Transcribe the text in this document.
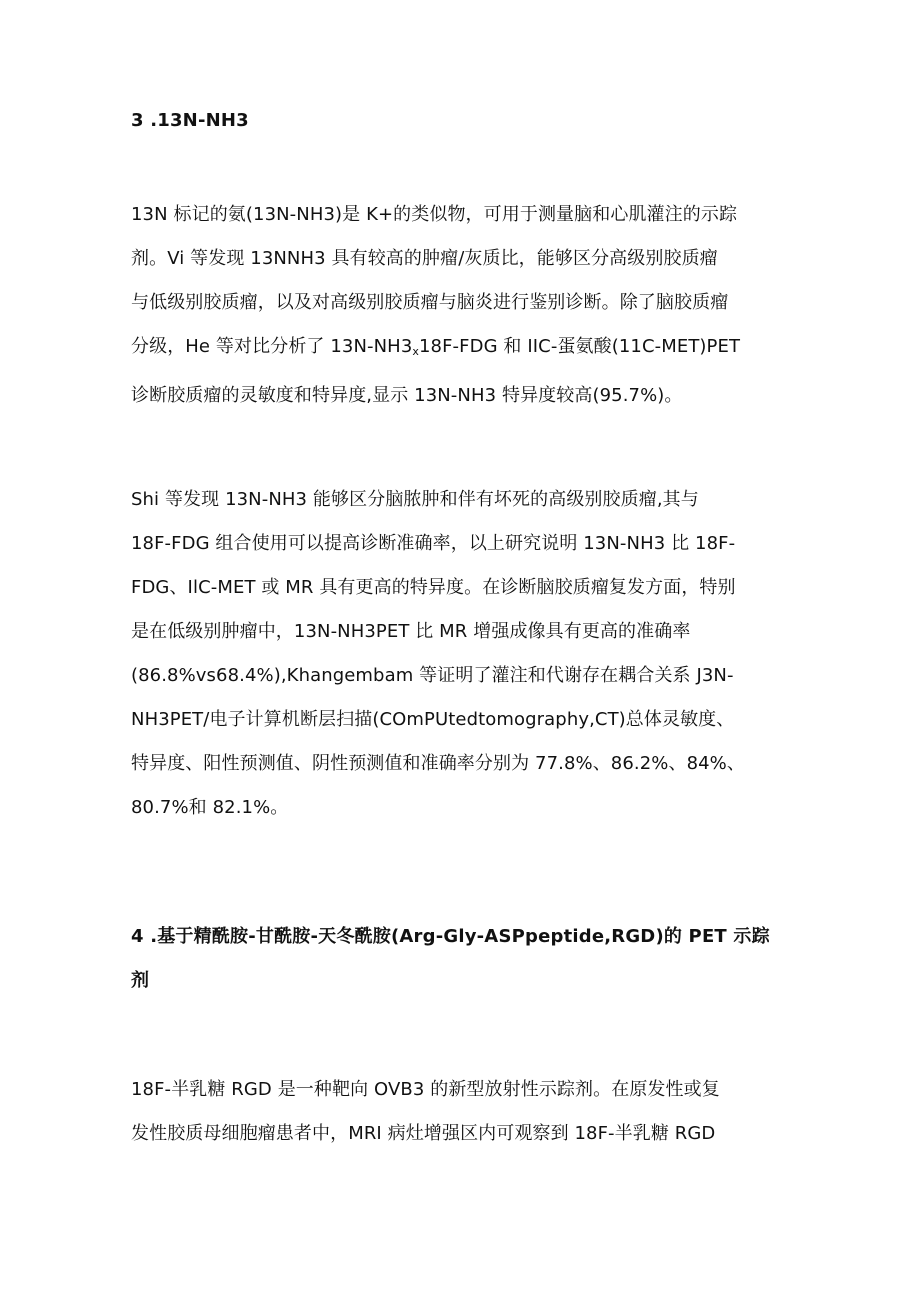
3 .13N-NH3

13N 标记的氨(13N-NH3)是 K+的类似物，可用于测量脑和心肌灌注的示踪
剂。Vi 等发现 13NNH3 具有较高的肿瘤/灰质比，能够区分高级别胶质瘤
与低级别胶质瘤，以及对高级别胶质瘤与脑炎进行鉴别诊断。除了脑胶质瘤
分级，He 等对比分析了 $13N-NH3_x18F$-FDG 和 IIC-蛋氨酸(11C-MET)PET
诊断胶质瘤的灵敏度和特异度,显示 13N-NH3 特异度较高(95.7%)。

Shi 等发现 13N-NH3 能够区分脑脓肿和伴有坏死的高级别胶质瘤,其与
18F-FDG 组合使用可以提高诊断准确率，以上研究说明 13N-NH3 比 18F-
FDG、IlC-MET 或 MR 具有更高的特异度。在诊断脑胶质瘤复发方面，特别
是在低级别肿瘤中，13N-NH3PET 比 MR 增强成像具有更高的准确率
(86.8%vs68.4%),Khangembam 等证明了灌注和代谢存在耦合关系 J3N-
NH3PET/电子计算机断层扫描(COmPUtedtomography,CT)总体灵敏度、
特异度、阳性预测值、阴性预测值和准确率分别为 77.8%、86.2%、84%、
80.7%和 82.1%。

4 .基于精酰胺-甘酰胺-天冬酰胺(Arg-Gly-ASPpeptide,RGD)的 PET 示踪
剂

18F-半乳糖 RGD 是一种靶向 OVB3 的新型放射性示踪剂。在原发性或复
发性胶质母细胞瘤患者中，MRI 病灶增强区内可观察到 18F-半乳糖 RGD
